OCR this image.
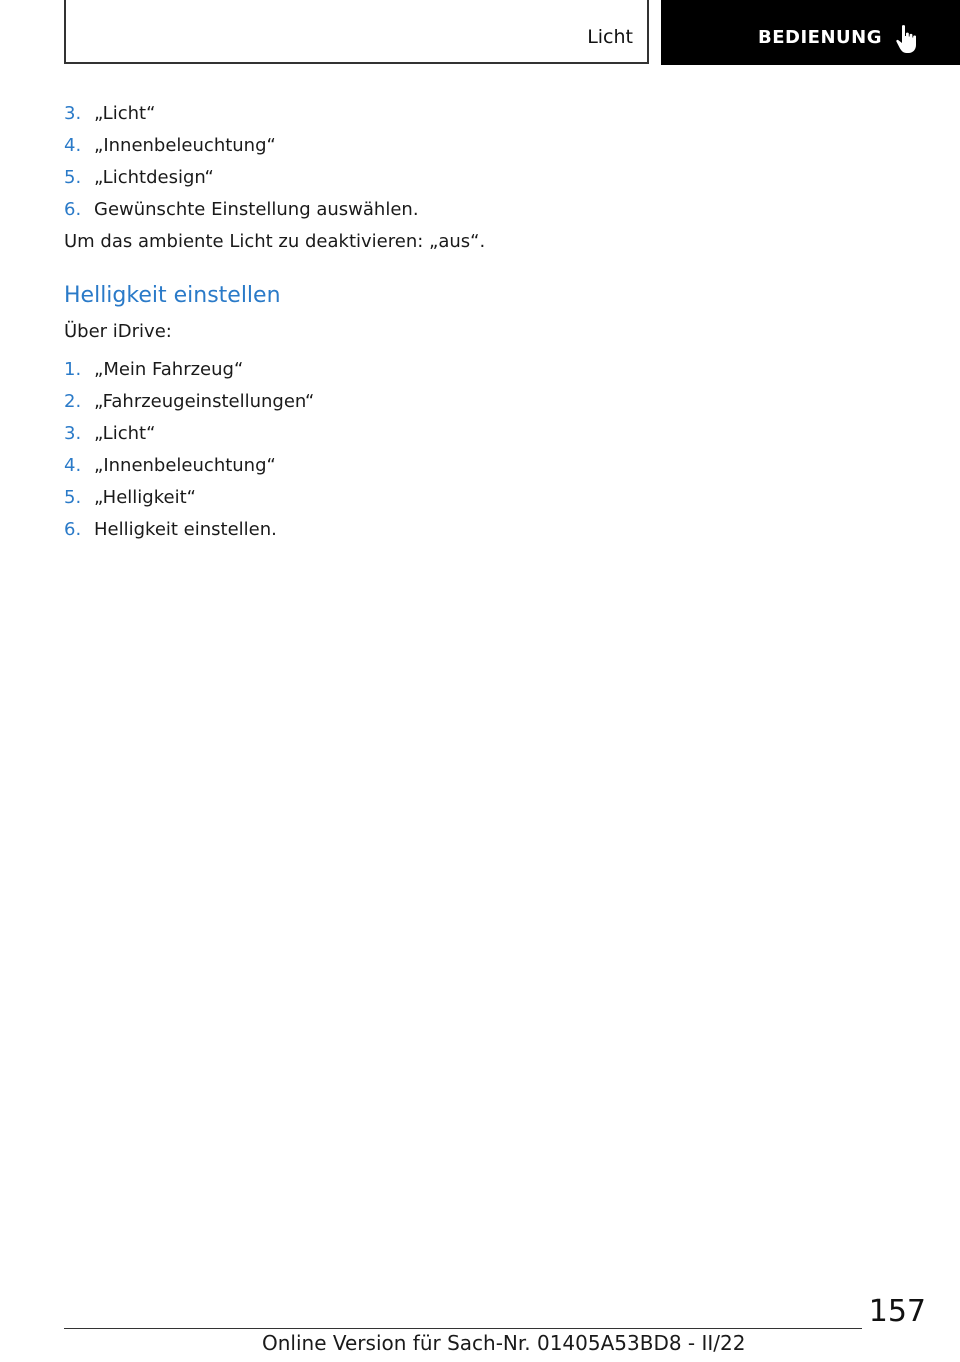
Licht	BEDIENUNG
3. „Licht“
4. „Innenbeleuchtung“
5. „Lichtdesign“
6. Gewünschte Einstellung auswählen.

Um das ambiente Licht zu deaktivieren: „aus“.

Helligkeit einstellen

Über iDrive:

1. „Mein Fahrzeug“
2. „Fahrzeugeinstellungen“
3. „Licht“
4. „Innenbeleuchtung“
5. „Helligkeit“
6. Helligkeit einstellen.
157
Online Version für Sach-Nr. 01405A53BD8 - II/22
